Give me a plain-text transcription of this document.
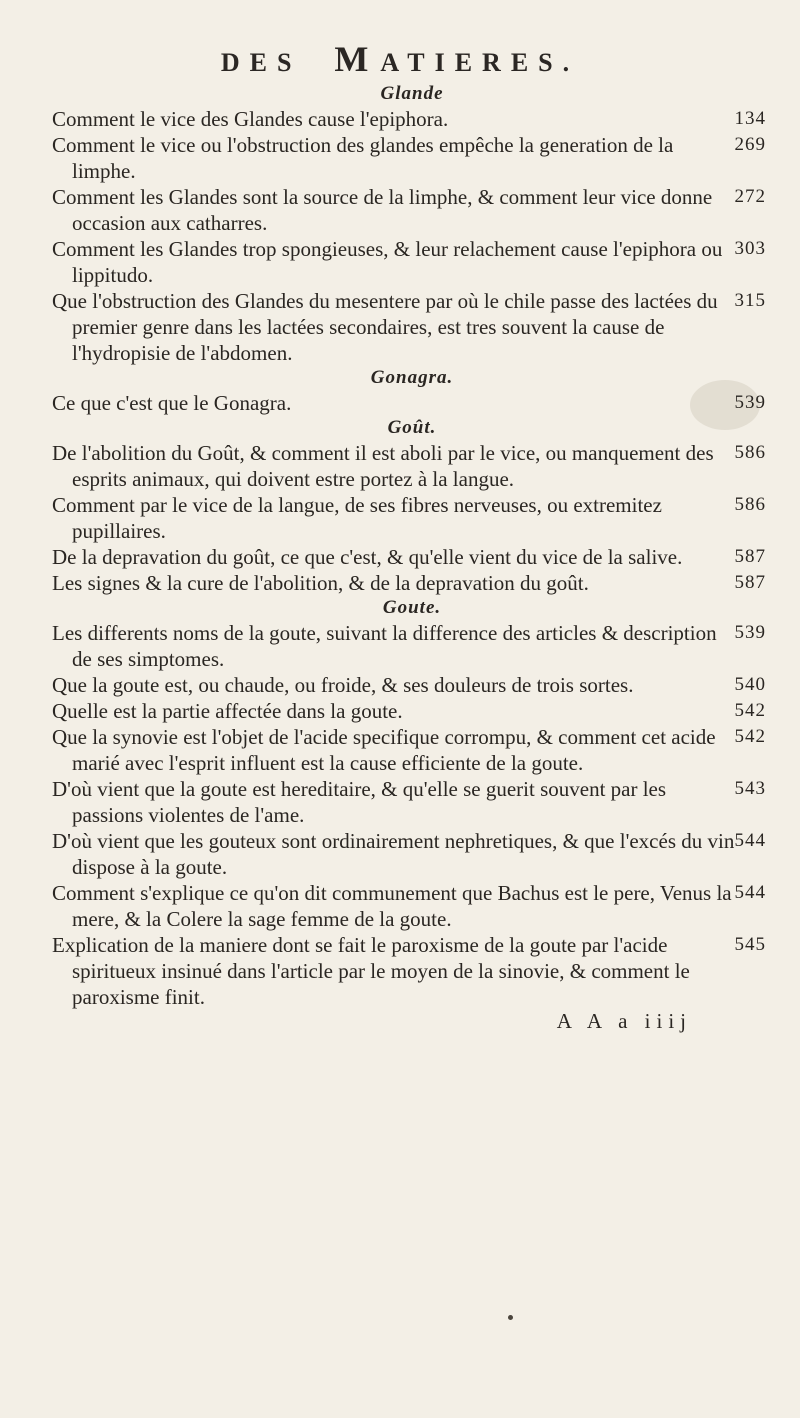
DES MATIERES.
Glande
134
Comment le vice des Glandes cause l'epiphora.
269
Comment le vice ou l'obstruction des glandes empêche la generation de la limphe.
272
Comment les Glandes sont la source de la limphe, & comment leur vice donne occasion aux catharres.
303
Comment les Glandes trop spongieuses, & leur relachement cause l'epiphora ou lippitudo.
315
Que l'obstruction des Glandes du mesentere par où le chile passe des lactées du premier genre dans les lactées secondaires, est tres souvent la cause de l'hydropisie de l'abdomen.
Gonagra.
539
Ce que c'est que le Gonagra.
Goût.
586
De l'abolition du Goût, & comment il est aboli par le vice, ou manquement des esprits animaux, qui doivent estre portez à la langue.
586
Comment par le vice de la langue, de ses fibres nerveuses, ou extremitez pupillaires.
587
De la depravation du goût, ce que c'est, & qu'elle vient du vice de la salive.
587
Les signes & la cure de l'abolition, & de la depravation du goût.
Goute.
539
Les differents noms de la goute, suivant la difference des articles & description de ses simptomes.
540
Que la goute est, ou chaude, ou froide, & ses douleurs de trois sortes.
542
Quelle est la partie affectée dans la goute.
542
Que la synovie est l'objet de l'acide specifique corrompu, & comment cet acide marié avec l'esprit influent est la cause efficiente de la goute.
543
D'où vient que la goute est hereditaire, & qu'elle se guerit souvent par les passions violentes de l'ame.
544
D'où vient que les gouteux sont ordinairement nephretiques, & que l'excés du vin dispose à la goute.
544
Comment s'explique ce qu'on dit communement que Bachus est le pere, Venus la mere, & la Colere la sage femme de la goute.
545
Explication de la maniere dont se fait le paroxisme de la goute par l'acide spiritueux insinué dans l'article par le moyen de la sinovie, & comment le paroxisme finit.
A A a iiij
